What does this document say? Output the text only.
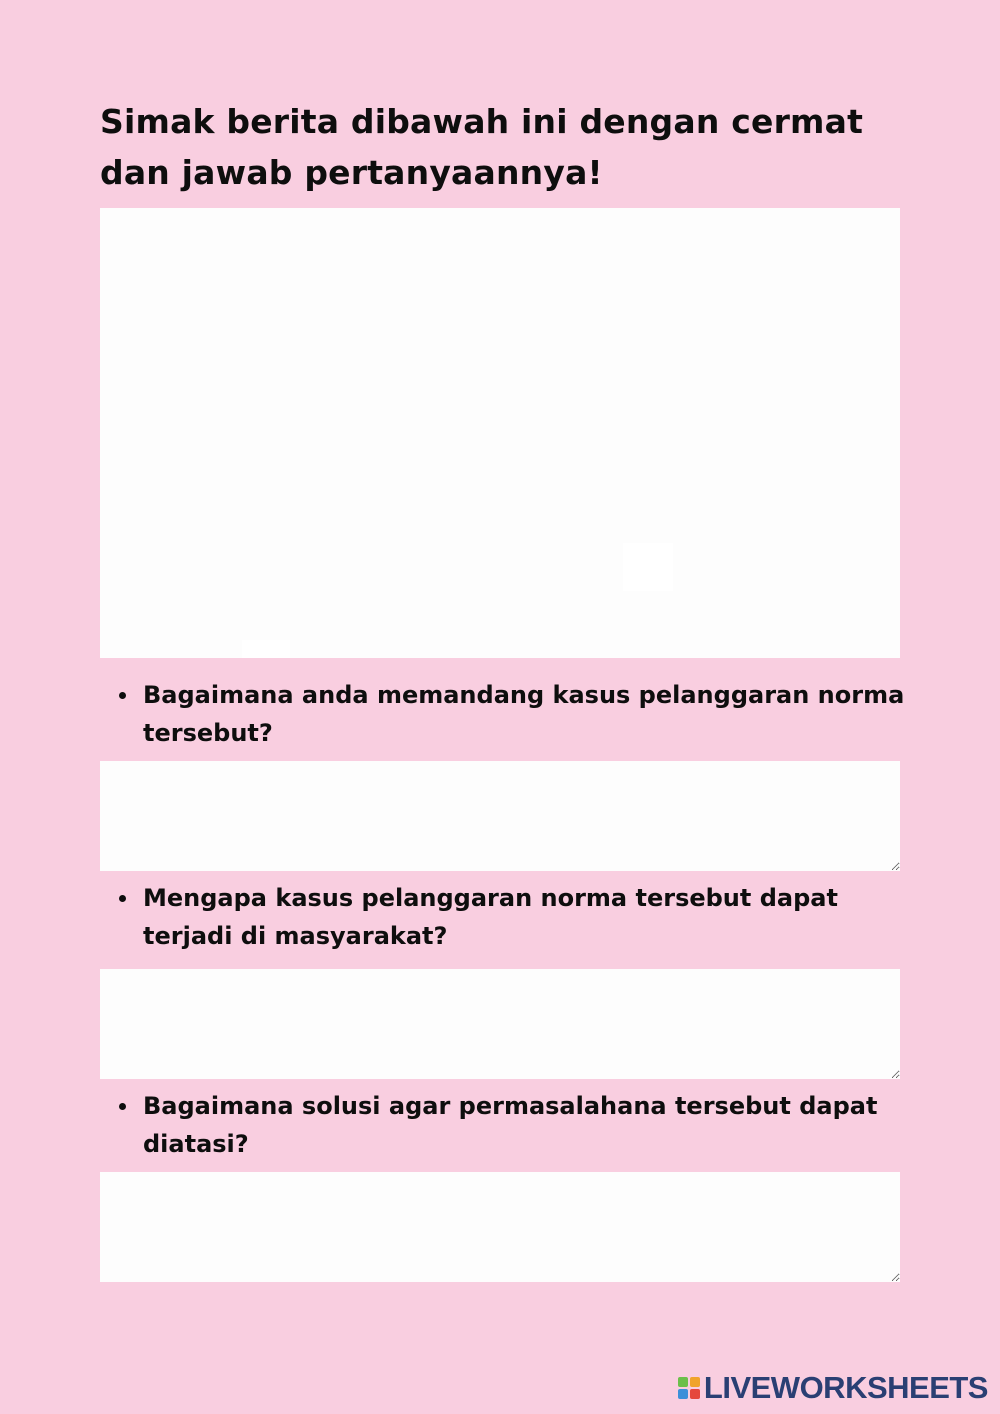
Simak berita dibawah ini dengan cermat dan jawab pertanyaannya!

Bagaimana anda memandang kasus pelanggaran norma tersebut?

Mengapa kasus pelanggaran norma tersebut dapat terjadi di masyarakat?

Bagaimana solusi agar permasalahana tersebut dapat diatasi?

LIVEWORKSHEETS
